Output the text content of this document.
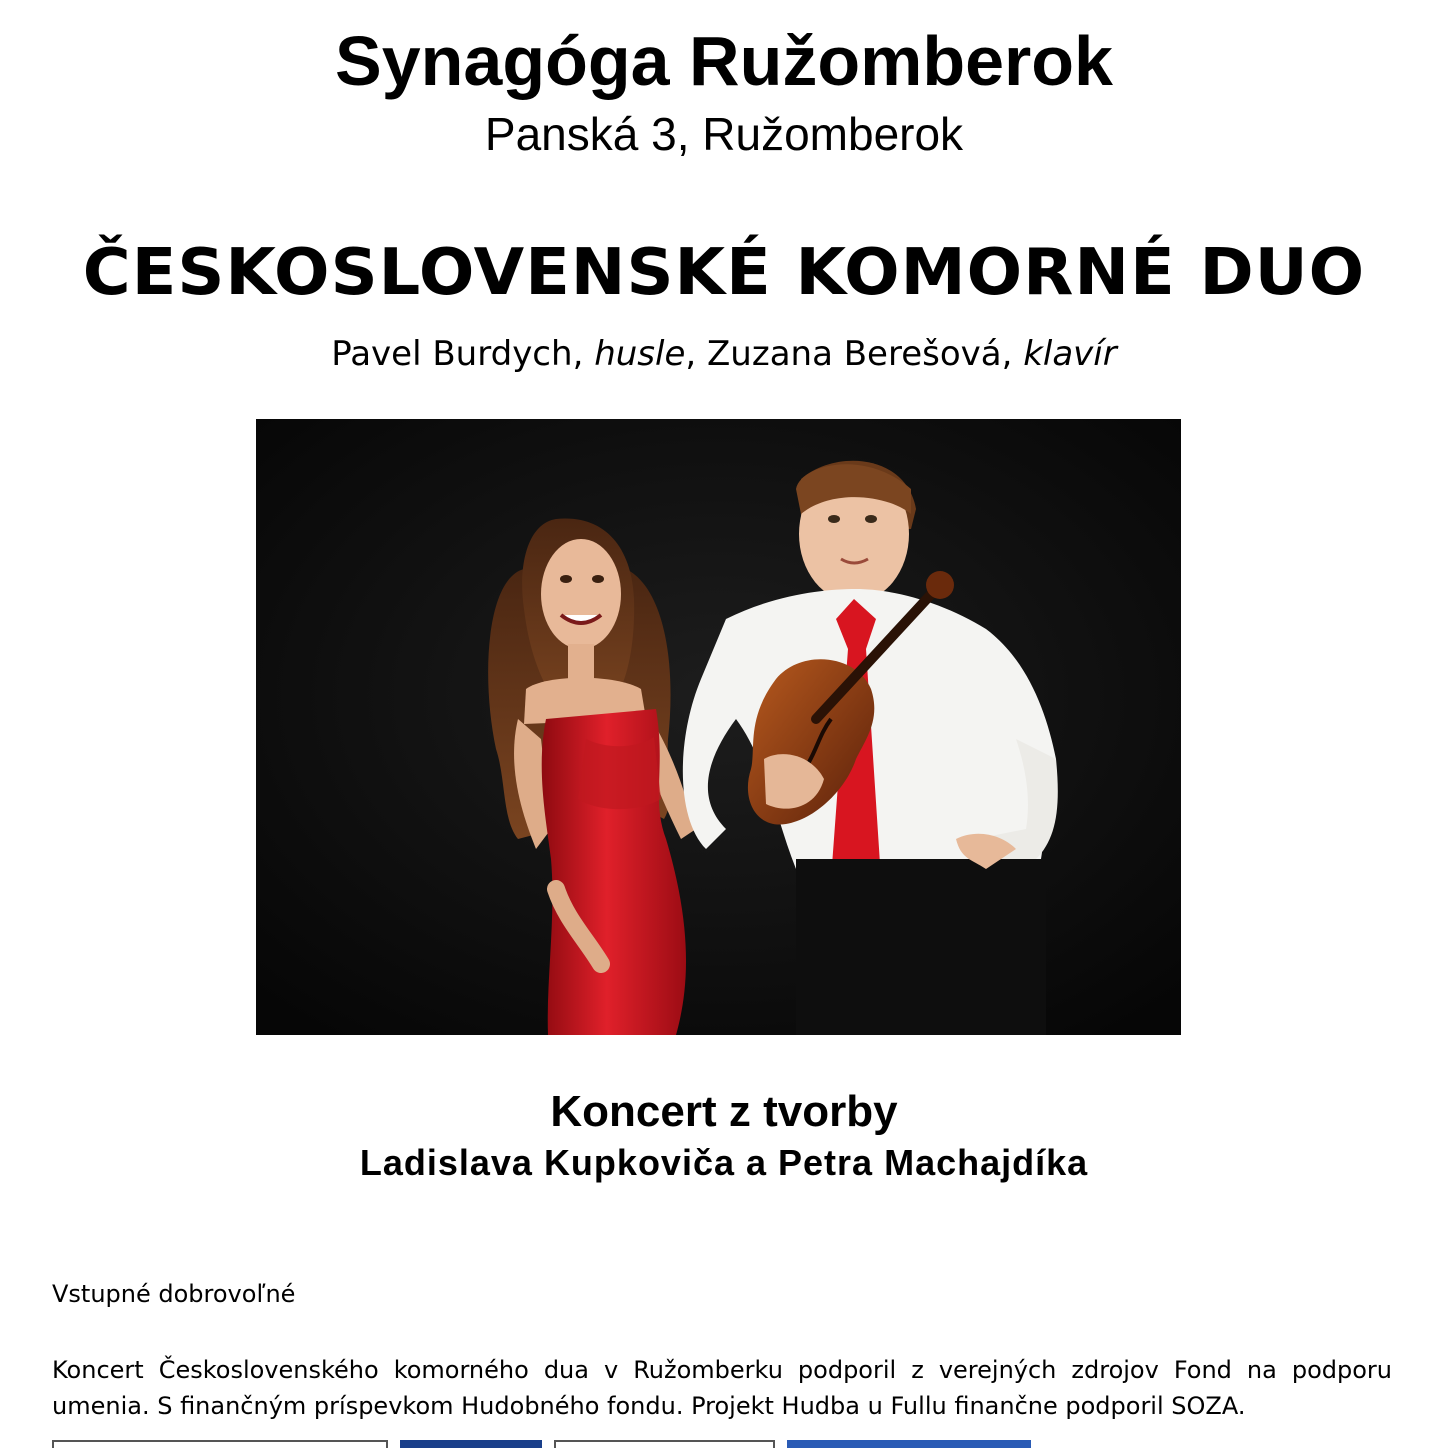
Synagóga Ružomberok
Panská 3, Ružomberok
ČESKOSLOVENSKÉ KOMORNÉ DUO
Pavel Burdych, husle, Zuzana Berešová, klavír
Koncert z tvorby
Ladislava Kupkoviča a Petra Machajdíka
Vstupné dobrovoľné
Koncert Československého komorného dua v Ružomberku podporil z verejných zdrojov Fond na podporu umenia. S finančným príspevkom Hudobného fondu. Projekt Hudba u Fullu finančne podporil SOZA.
